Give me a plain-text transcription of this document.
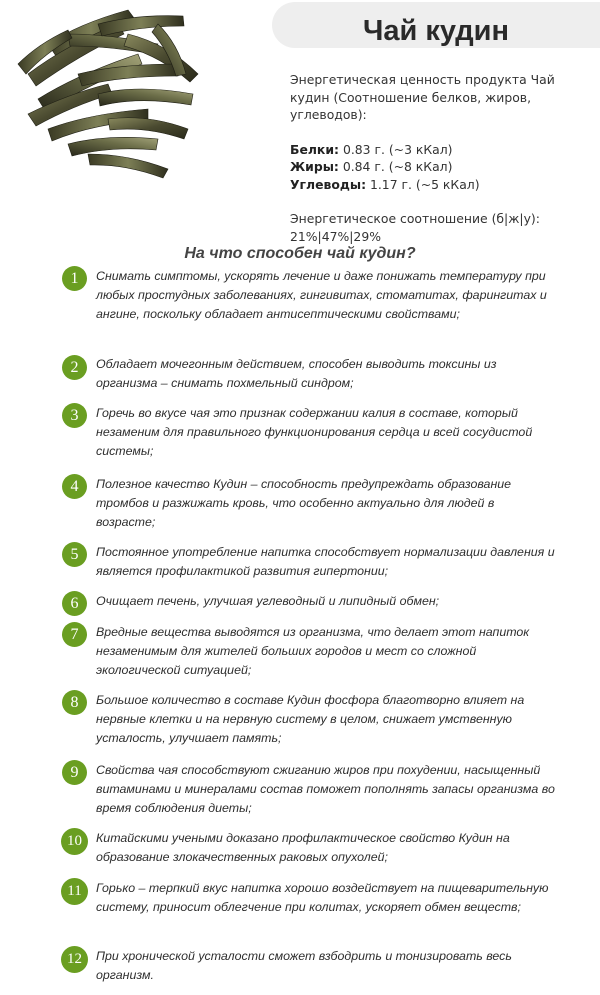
Чай кудин

Энергетическая ценность продукта Чай кудин (Соотношение белков, жиров, углеводов):

Белки: 0.83 г. (~3 кКал)

Жиры: 0.84 г. (~8 кКал)

Углеводы: 1.17 г. (~5 кКал)

Энергетическое соотношение (б|ж|у):

21%|47%|29%

На что способен чай кудин?
1	Снимать симптомы, ускорять лечение и даже понижать температуру при любых простудных заболеваниях, гингивитах, стоматитах, фарингитах и ангине, поскольку обладает антисептическими свойствами;

2	Обладает мочегонным действием, способен выводить токсины из организма – снимать похмельный синдром;

3	Горечь во вкусе чая это признак содержании калия в составе, который незаменим для правильного функционирования сердца и всей сосудистой системы;

4	Полезное качество Кудин – способность предупреждать образование тромбов и разжижать кровь, что особенно актуально для людей в возрасте;

5	Постоянное употребление напитка способствует нормализации давления и является профилактикой развития гипертонии;

6	Очищает печень, улучшая углеводный и липидный обмен;

7	Вредные вещества выводятся из организма, что делает этот напиток незаменимым для жителей больших городов и мест со сложной экологической ситуацией;

8	Большое количество в составе Кудин фосфора благотворно влияет на нервные клетки и на нервную систему в целом, снижает умственную усталость, улучшает память;

9	Свойства чая способствуют сжиганию жиров при похудении, насыщенный витаминами и минералами состав поможет пополнять запасы организма во время соблюдения диеты;

10	Китайскими учеными доказано профилактическое свойство Кудин на образование злокачественных раковых опухолей;

11	Горько – терпкий вкус напитка хорошо воздействует на пищеварительную систему, приносит облегчение при колитах, ускоряет обмен веществ;

12	При хронической усталости сможет взбодрить и тонизировать весь организм.
